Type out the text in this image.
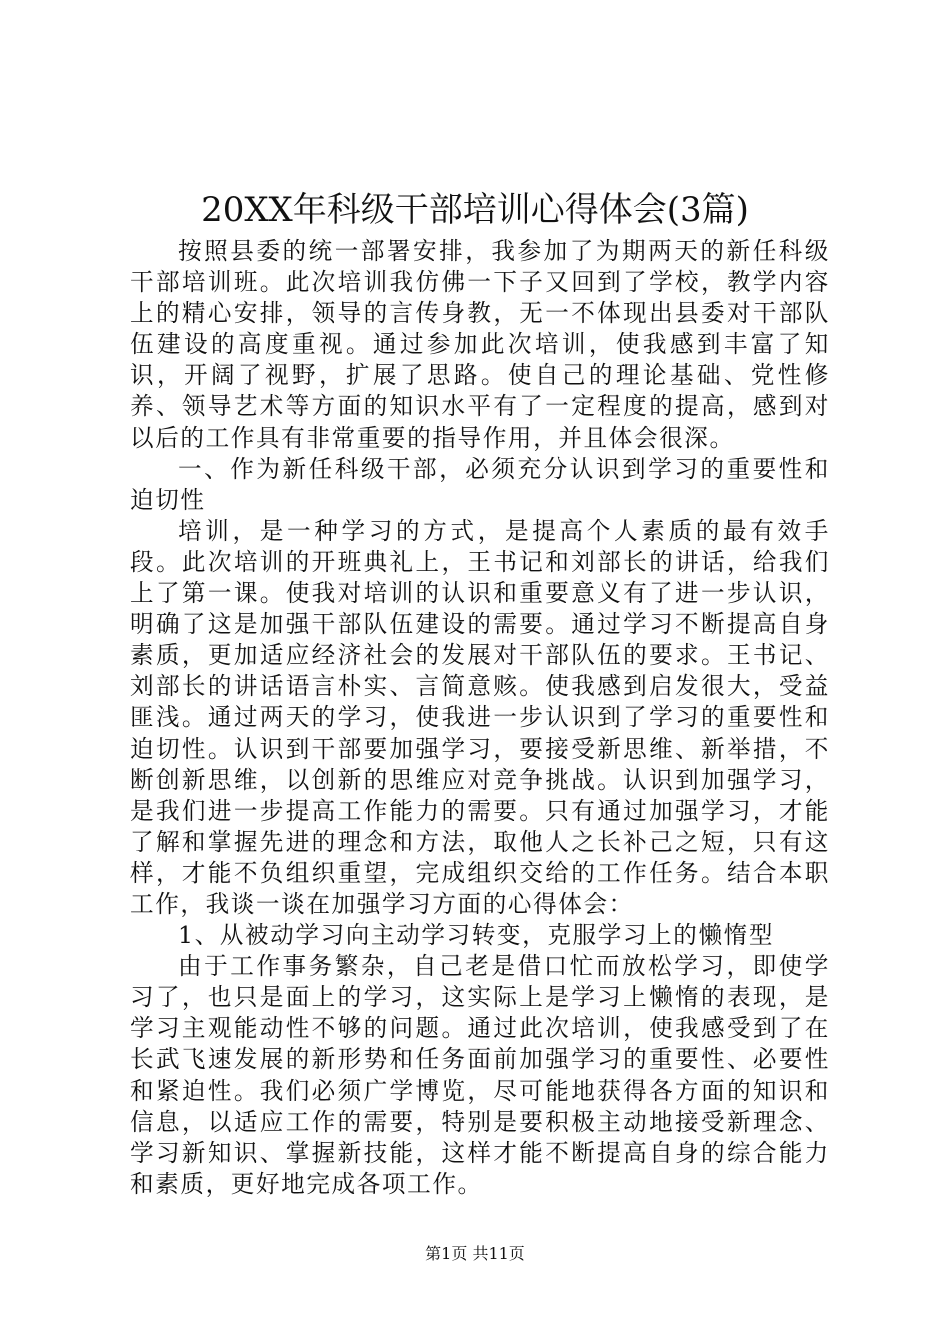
20XX年科级干部培训心得体会(3篇)

按照县委的统一部署安排，我参加了为期两天的新任科级干部培训班。此次培训我仿佛一下子又回到了学校，教学内容上的精心安排，领导的言传身教，无一不体现出县委对干部队伍建设的高度重视。通过参加此次培训，使我感到丰富了知识，开阔了视野，扩展了思路。使自己的理论基础、党性修养、领导艺术等方面的知识水平有了一定程度的提高，感到对以后的工作具有非常重要的指导作用，并且体会很深。

一、作为新任科级干部，必须充分认识到学习的重要性和迫切性

培训，是一种学习的方式，是提高个人素质的最有效手段。此次培训的开班典礼上，王书记和刘部长的讲话，给我们上了第一课。使我对培训的认识和重要意义有了进一步认识，明确了这是加强干部队伍建设的需要。通过学习不断提高自身素质，更加适应经济社会的发展对干部队伍的要求。王书记、刘部长的讲话语言朴实、言简意赅。使我感到启发很大，受益匪浅。通过两天的学习，使我进一步认识到了学习的重要性和迫切性。认识到干部要加强学习，要接受新思维、新举措，不断创新思维，以创新的思维应对竞争挑战。认识到加强学习，是我们进一步提高工作能力的需要。只有通过加强学习，才能了解和掌握先进的理念和方法，取他人之长补己之短，只有这样，才能不负组织重望，完成组织交给的工作任务。结合本职工作，我谈一谈在加强学习方面的心得体会：

1、从被动学习向主动学习转变，克服学习上的懒惰型

由于工作事务繁杂，自己老是借口忙而放松学习，即使学习了，也只是面上的学习，这实际上是学习上懒惰的表现，是学习主观能动性不够的问题。通过此次培训，使我感受到了在长武飞速发展的新形势和任务面前加强学习的重要性、必要性和紧迫性。我们必须广学博览，尽可能地获得各方面的知识和信息，以适应工作的需要，特别是要积极主动地接受新理念、学习新知识、掌握新技能，这样才能不断提高自身的综合能力和素质，更好地完成各项工作。

第1页 共11页
